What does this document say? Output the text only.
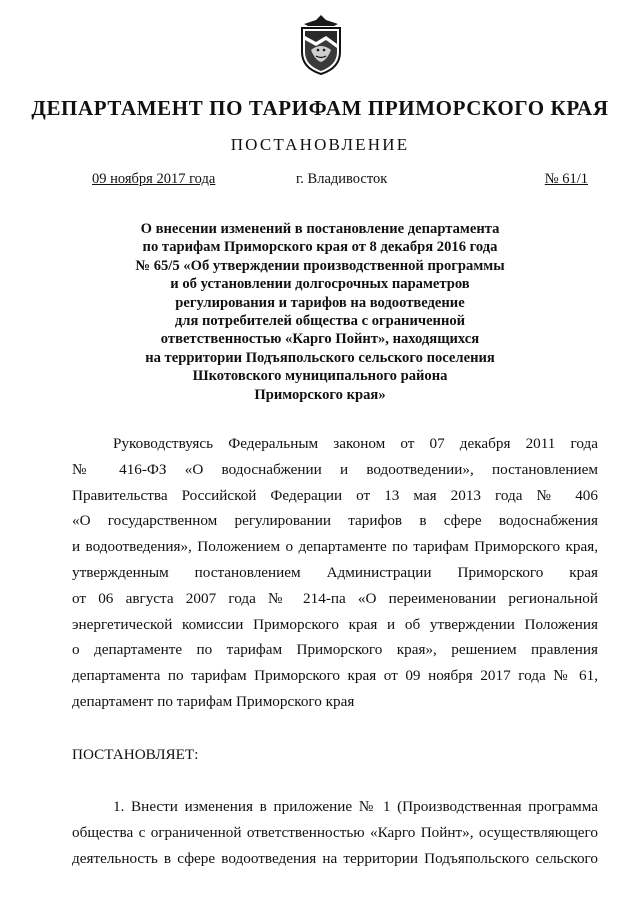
ДЕПАРТАМЕНТ ПО ТАРИФАМ ПРИМОРСКОГО КРАЯ
ПОСТАНОВЛЕНИЕ
09 ноября 2017 года	г. Владивосток	№ 61/1
О внесении изменений в постановление департамента
по тарифам Приморского края от 8 декабря 2016 года
№ 65/5 «Об утверждении производственной программы
и об установлении долгосрочных параметров
регулирования и тарифов на водоотведение
для потребителей общества с ограниченной
ответственностью «Карго Пойнт», находящихся
на территории Подъяпольского сельского поселения
Шкотовского муниципального района
Приморского края»
Руководствуясь Федеральным законом от 07 декабря 2011 года
№ 416-ФЗ «О водоснабжении и водоотведении», постановлением
Правительства Российской Федерации от 13 мая 2013 года № 406
«О государственном регулировании тарифов в сфере водоснабжения
и водоотведения», Положением о департаменте по тарифам Приморского края,
утвержденным постановлением Администрации Приморского края
от 06 августа 2007 года № 214-па «О переименовании региональной
энергетической комиссии Приморского края и об утверждении Положения
о департаменте по тарифам Приморского края», решением правления
департамента по тарифам Приморского края от 09 ноября 2017 года № 61,
департамент по тарифам Приморского края
ПОСТАНОВЛЯЕТ:
1. Внести изменения в приложение № 1 (Производственная программа
общества с ограниченной ответственностью «Карго Пойнт», осуществляющего
деятельность в сфере водоотведения на территории Подъяпольского сельского
